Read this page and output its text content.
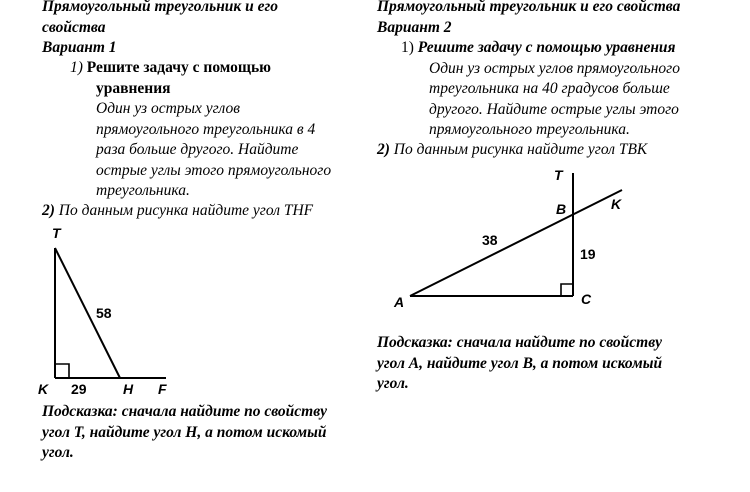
Прямоугольный треугольник и его
свойства
Вариант 1
1) Решите задачу с помощью
уравнения
Один уз острых углов
прямоугольного треугольника в 4
раза больше другого. Найдите
острые углы этого прямоугольного
треугольника.
2) По данным рисунка найдите угол THF
Подсказка: сначала найдите по свойству
угол T, найдите угол H, а потом искомый
угол.
T
K 29	H F
58
Прямоугольный треугольник и его свойства
Вариант 2
1) Решите задачу с помощью уравнения
Один уз острых углов прямоугольного
треугольника на 40 градусов больше
другого. Найдите острые углы этого
прямоугольного треугольника.
2) По данным рисунка найдите угол TBK
Подсказка: сначала найдите по свойству
угол A, найдите угол B, а потом искомый
угол.
T
B	K
A	C
38
19
